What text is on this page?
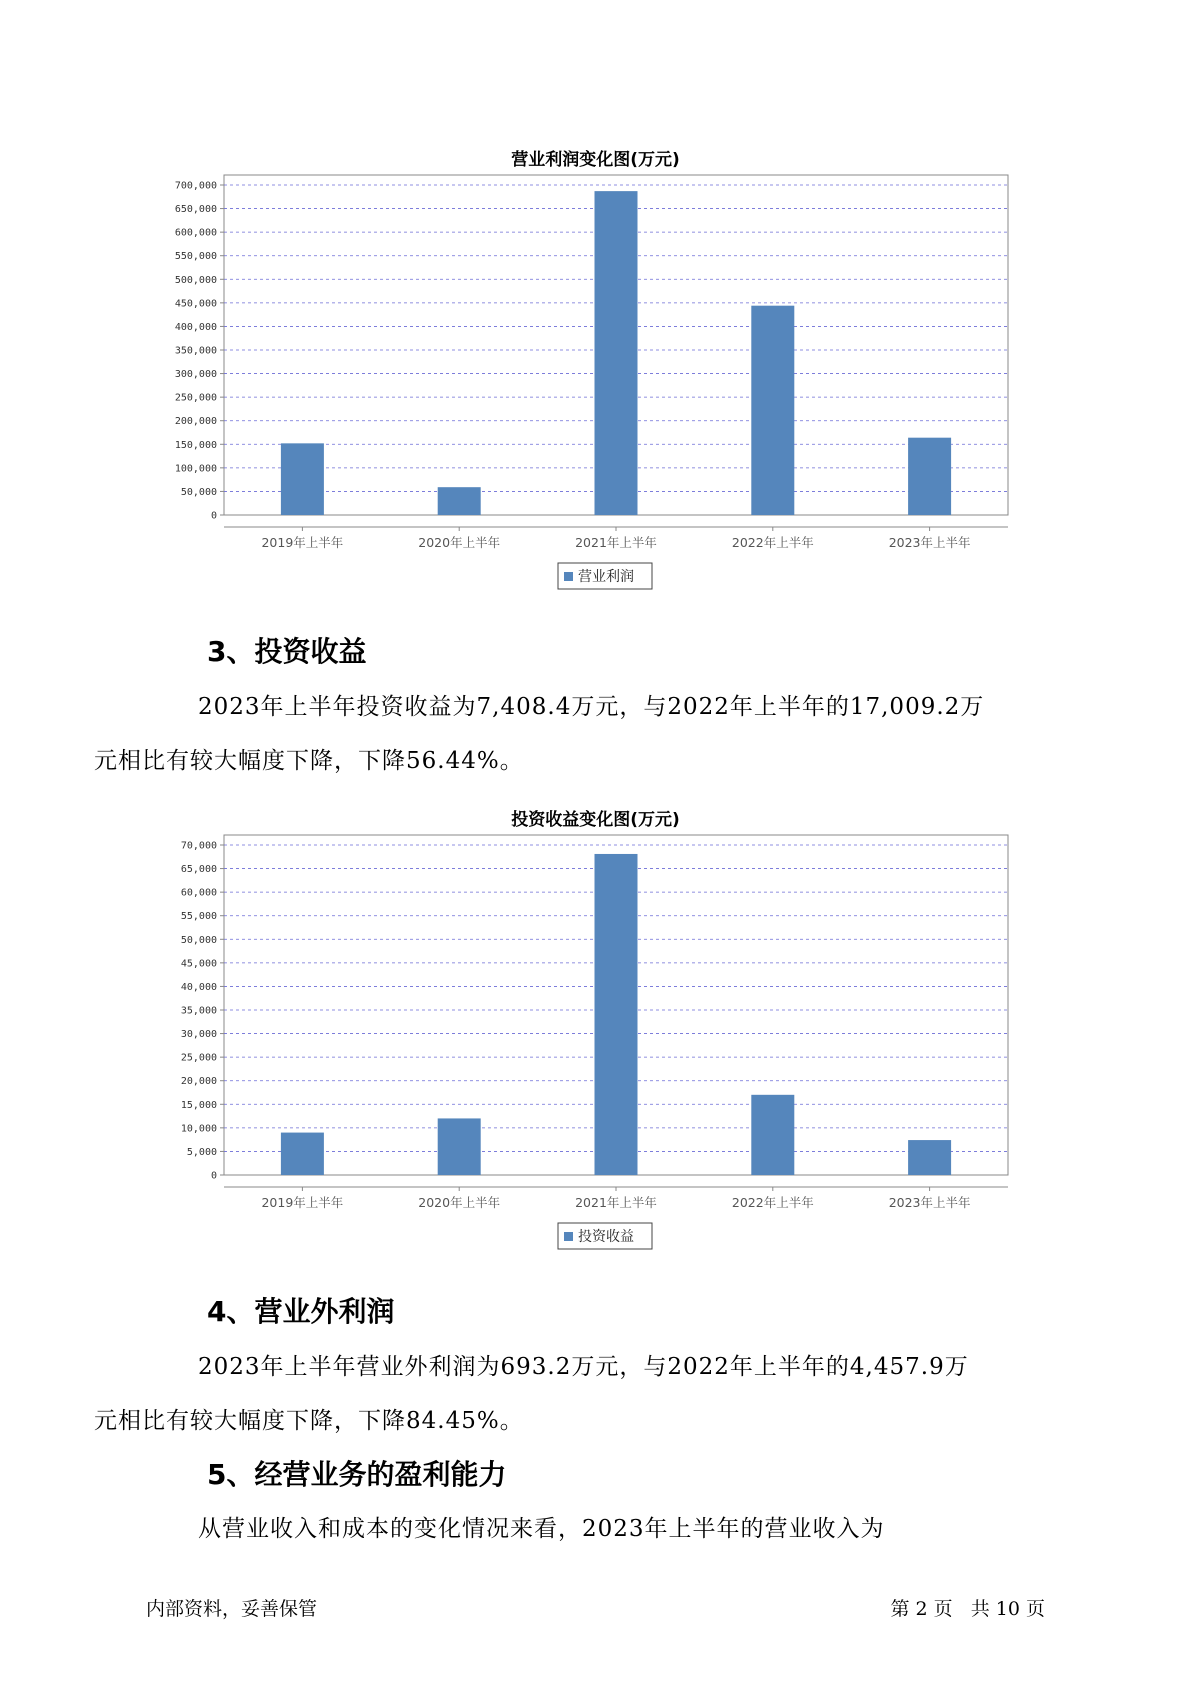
营业利润变化图(万元)
0
50,000
100,000
150,000
200,000
250,000
300,000
350,000
400,000
450,000
500,000
550,000
600,000
650,000
700,000
2019年上半年	2020年上半年	2021年上半年	2022年上半年	2023年上半年
营业利润
3、投资收益

2023年上半年投资收益为7,408.4万元，与2022年上半年的17,009.2万
元相比有较大幅度下降，下降56.44%。

投资收益变化图(万元)
0
5,000
10,000
15,000
20,000
25,000
30,000
35,000
40,000
45,000
50,000
55,000
60,000
65,000
70,000
2019年上半年	2020年上半年	2021年上半年	2022年上半年	2023年上半年
投资收益
4、营业外利润

2023年上半年营业外利润为693.2万元，与2022年上半年的4,457.9万
元相比有较大幅度下降，下降84.45%。

5、经营业务的盈利能力

从营业收入和成本的变化情况来看，2023年上半年的营业收入为

内部资料，妥善保管	第 2 页   共 10 页
